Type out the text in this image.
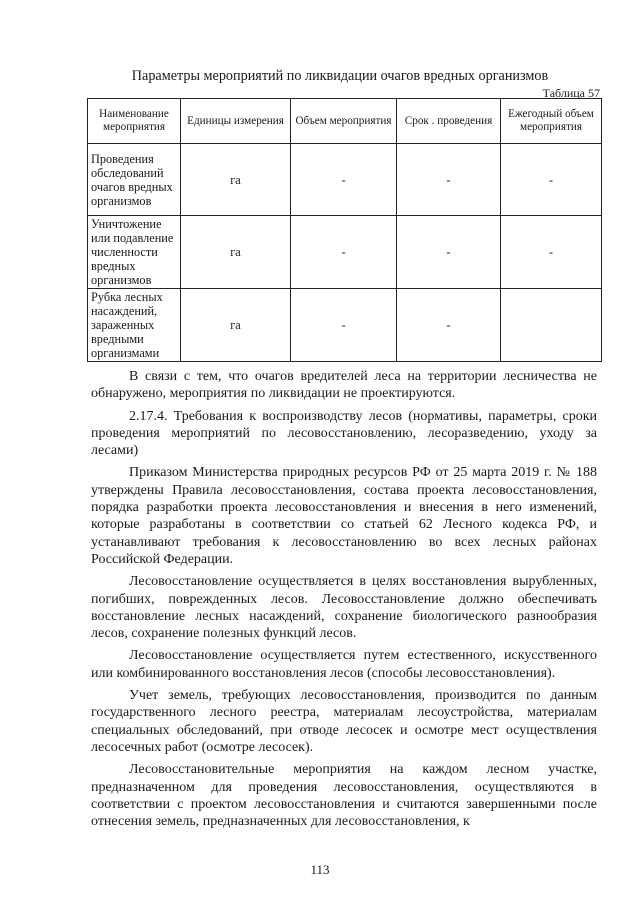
Параметры мероприятий по ликвидации очагов вредных организмов
Таблица 57
Наименование мероприятия	Единицы измерения	Объем мероприятия	Срок . проведения	Ежегодный объем мероприятия
Проведения обследований очагов вредных организмов	га	-	-	-
Уничтожение или подавление численности вредных организмов	га	-	-	-
Рубка лесных насаждений, зараженных вредными организмами	га	-	-	

В связи с тем, что очагов вредителей леса на территории лесничества не обнаружено, мероприятия по ликвидации не проектируются.

2.17.4. Требования к воспроизводству лесов (нормативы, параметры, сроки проведения мероприятий по лесовосстановлению, лесоразведению, уходу за лесами)

Приказом Министерства природных ресурсов РФ от 25 марта 2019 г. № 188 утверждены Правила лесовосстановления, состава проекта лесовосстановления, порядка разработки проекта лесовосстановления и внесения в него изменений, которые разработаны в соответствии со статьей 62 Лесного кодекса РФ, и устанавливают требования к лесовосстановлению во всех лесных районах Российской Федерации.

Лесовосстановление осуществляется в целях восстановления вырубленных, погибших, поврежденных лесов. Лесовосстановление должно обеспечивать восстановление лесных насаждений, сохранение биологического разнообразия лесов, сохранение полезных функций лесов.

Лесовосстановление осуществляется путем естественного, искусственного или комбинированного восстановления лесов (способы лесовосстановления).

Учет земель, требующих лесовосстановления, производится по данным государственного лесного реестра, материалам лесоустройства, материалам специальных обследований, при отводе лесосек и осмотре мест осуществления лесосечных работ (осмотре лесосек).

Лесовосстановительные мероприятия на каждом лесном участке, предназначенном для проведения лесовосстановления, осуществляются в соответствии с проектом лесовосстановления и считаются завершенными после отнесения земель, предназначенных для лесовосстановления, к

113
